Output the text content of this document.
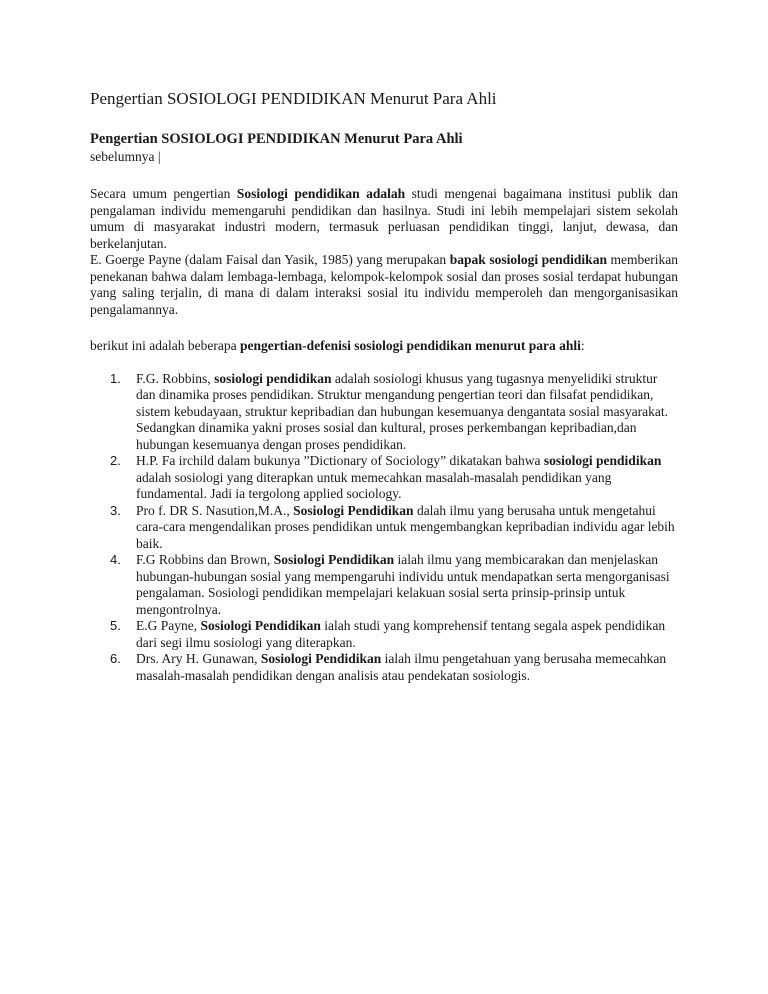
Pengertian SOSIOLOGI PENDIDIKAN Menurut Para Ahli
Pengertian SOSIOLOGI PENDIDIKAN Menurut Para Ahli
sebelumnya |

Secara umum pengertian Sosiologi pendidikan adalah studi mengenai bagaimana institusi publik dan pengalaman individu memengaruhi pendidikan dan hasilnya. Studi ini lebih mempelajari sistem sekolah umum di masyarakat industri modern, termasuk perluasan pendidikan tinggi, lanjut, dewasa, dan berkelanjutan.

E. Goerge Payne (dalam Faisal dan Yasik, 1985) yang merupakan bapak sosiologi pendidikan memberikan penekanan bahwa dalam lembaga-lembaga, kelompok-kelompok sosial dan proses sosial terdapat hubungan yang saling terjalin, di mana di dalam interaksi sosial itu individu memperoleh dan mengorganisasikan pengalamannya.

berikut ini adalah beberapa pengertian-defenisi sosiologi pendidikan menurut para ahli:

1. F.G. Robbins, sosiologi pendidikan adalah sosiologi khusus yang tugasnya menyelidiki struktur dan dinamika proses pendidikan. Struktur mengandung pengertian teori dan filsafat pendidikan, sistem kebudayaan, struktur kepribadian dan hubungan kesemuanya dengantata sosial masyarakat. Sedangkan dinamika yakni proses sosial dan kultural, proses perkembangan kepribadian,dan hubungan kesemuanya dengan proses pendidikan.
2. H.P. Fa irchild dalam bukunya ”Dictionary of Sociology” dikatakan bahwa sosiologi pendidikan adalah sosiologi yang diterapkan untuk memecahkan masalah-masalah pendidikan yang fundamental. Jadi ia tergolong applied sociology.
3. Pro f. DR S. Nasution,M.A., Sosiologi Pendidikan dalah ilmu yang berusaha untuk mengetahui cara-cara mengendalikan proses pendidikan untuk mengembangkan kepribadian individu agar lebih baik.
4. F.G Robbins dan Brown, Sosiologi Pendidikan ialah ilmu yang membicarakan dan menjelaskan hubungan-hubungan sosial yang mempengaruhi individu untuk mendapatkan serta mengorganisasi pengalaman. Sosiologi pendidikan mempelajari kelakuan sosial serta prinsip-prinsip untuk mengontrolnya.
5. E.G Payne, Sosiologi Pendidikan ialah studi yang komprehensif tentang segala aspek pendidikan dari segi ilmu sosiologi yang diterapkan.
6. Drs. Ary H. Gunawan, Sosiologi Pendidikan ialah ilmu pengetahuan yang berusaha memecahkan masalah-masalah pendidikan dengan analisis atau pendekatan sosiologis.
